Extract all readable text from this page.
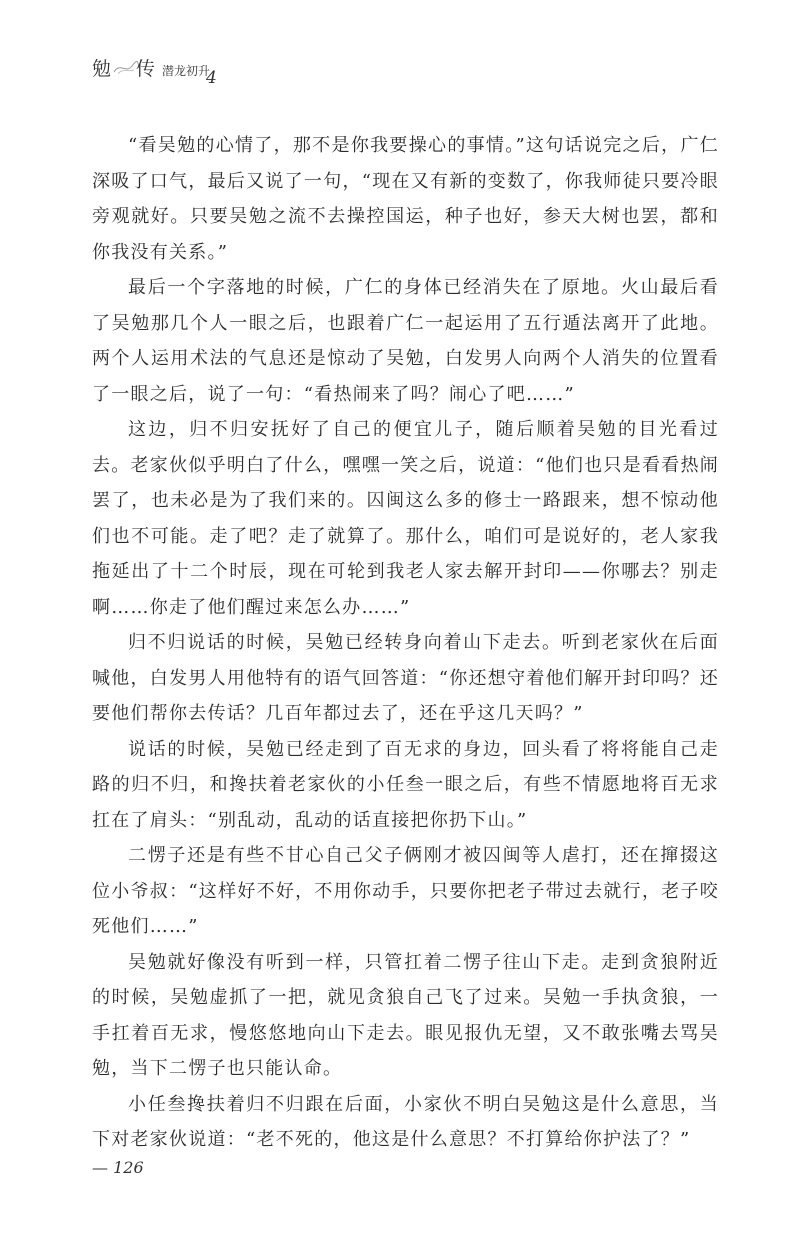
勉 传 潜龙初升
4

“看吴勉的心情了，那不是你我要操心的事情。”这句话说完之后，广仁深吸了口气，最后又说了一句，“现在又有新的变数了，你我师徒只要冷眼旁观就好。只要吴勉之流不去操控国运，种子也好，参天大树也罢，都和你我没有关系。”

最后一个字落地的时候，广仁的身体已经消失在了原地。火山最后看了吴勉那几个人一眼之后，也跟着广仁一起运用了五行遁法离开了此地。两个人运用术法的气息还是惊动了吴勉，白发男人向两个人消失的位置看了一眼之后，说了一句：“看热闹来了吗？闹心了吧……”

这边，归不归安抚好了自己的便宜儿子，随后顺着吴勉的目光看过去。老家伙似乎明白了什么，嘿嘿一笑之后，说道：“他们也只是看看热闹罢了，也未必是为了我们来的。囚闽这么多的修士一路跟来，想不惊动他们也不可能。走了吧？走了就算了。那什么，咱们可是说好的，老人家我拖延出了十二个时辰，现在可轮到我老人家去解开封印——你哪去？别走啊……你走了他们醒过来怎么办……”

归不归说话的时候，吴勉已经转身向着山下走去。听到老家伙在后面喊他，白发男人用他特有的语气回答道：“你还想守着他们解开封印吗？还要他们帮你去传话？几百年都过去了，还在乎这几天吗？”

说话的时候，吴勉已经走到了百无求的身边，回头看了将将能自己走路的归不归，和搀扶着老家伙的小任叁一眼之后，有些不情愿地将百无求扛在了肩头：“别乱动，乱动的话直接把你扔下山。”

二愣子还是有些不甘心自己父子俩刚才被囚闽等人虐打，还在撺掇这位小爷叔：“这样好不好，不用你动手，只要你把老子带过去就行，老子咬死他们……”

吴勉就好像没有听到一样，只管扛着二愣子往山下走。走到贪狼附近的时候，吴勉虚抓了一把，就见贪狼自己飞了过来。吴勉一手执贪狼，一手扛着百无求，慢悠悠地向山下走去。眼见报仇无望，又不敢张嘴去骂吴勉，当下二愣子也只能认命。

小任叁搀扶着归不归跟在后面，小家伙不明白吴勉这是什么意思，当下对老家伙说道：“老不死的，他这是什么意思？不打算给你护法了？”

— 126
